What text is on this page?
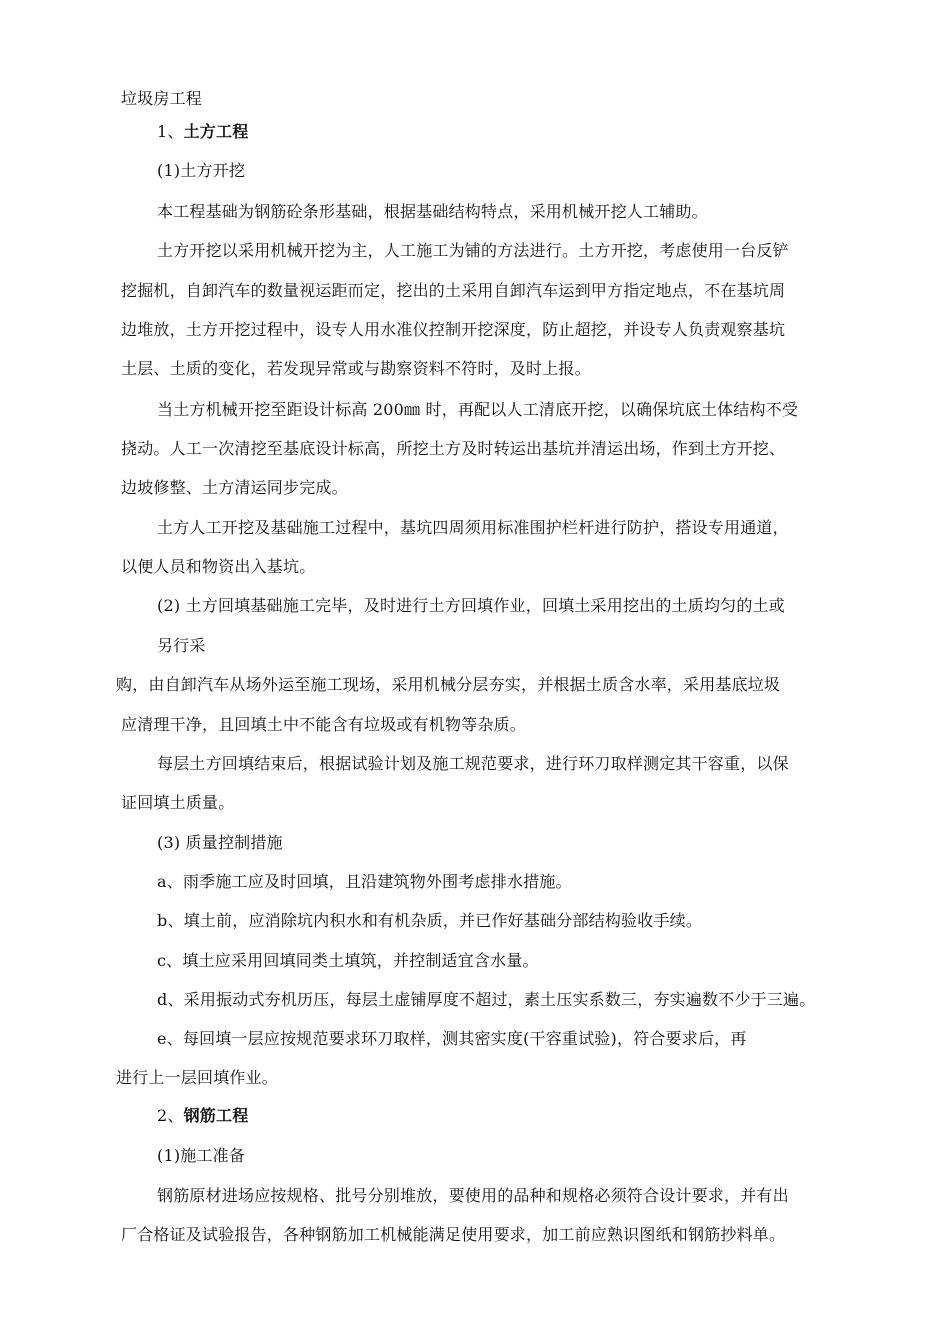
垃圾房工程

1、土方工程

(1)土方开挖

本工程基础为钢筋砼条形基础，根据基础结构特点，采用机械开挖人工辅助。

土方开挖以采用机械开挖为主，人工施工为铺的方法进行。土方开挖，考虑使用一台反铲

挖掘机，自卸汽车的数量视运距而定，挖出的土采用自卸汽车运到甲方指定地点，不在基坑周

边堆放，土方开挖过程中，设专人用水准仪控制开挖深度，防止超挖，并设专人负责观察基坑

土层、土质的变化，若发现异常或与勘察资料不符时，及时上报。

当土方机械开挖至距设计标高 200㎜ 时，再配以人工清底开挖，以确保坑底土体结构不受

挠动。人工一次清挖至基底设计标高，所挖土方及时转运出基坑并清运出场，作到土方开挖、

边坡修整、土方清运同步完成。

土方人工开挖及基础施工过程中，基坑四周须用标准围护栏杆进行防护，搭设专用通道，

以便人员和物资出入基坑。

(2) 土方回填基础施工完毕，及时进行土方回填作业，回填土采用挖出的土质均匀的土或

另行采

购，由自卸汽车从场外运至施工现场，采用机械分层夯实，并根据土质含水率，采用基底垃圾

应清理干净，且回填土中不能含有垃圾或有机物等杂质。

每层土方回填结束后，根据试验计划及施工规范要求，进行环刀取样测定其干容重，以保

证回填土质量。

(3) 质量控制措施

a、雨季施工应及时回填，且沿建筑物外围考虑排水措施。

b、填土前，应消除坑内积水和有机杂质，并已作好基础分部结构验收手续。

c、填土应采用回填同类土填筑，并控制适宜含水量。

d、采用振动式夯机历压，每层土虚铺厚度不超过，素土压实系数三，夯实遍数不少于三遍。

e、每回填一层应按规范要求环刀取样，测其密实度(干容重试验)，符合要求后，再

进行上一层回填作业。

2、钢筋工程

(1)施工准备

钢筋原材进场应按规格、批号分别堆放，要使用的品种和规格必须符合设计要求，并有出

厂合格证及试验报告，各种钢筋加工机械能满足使用要求，加工前应熟识图纸和钢筋抄料单。
